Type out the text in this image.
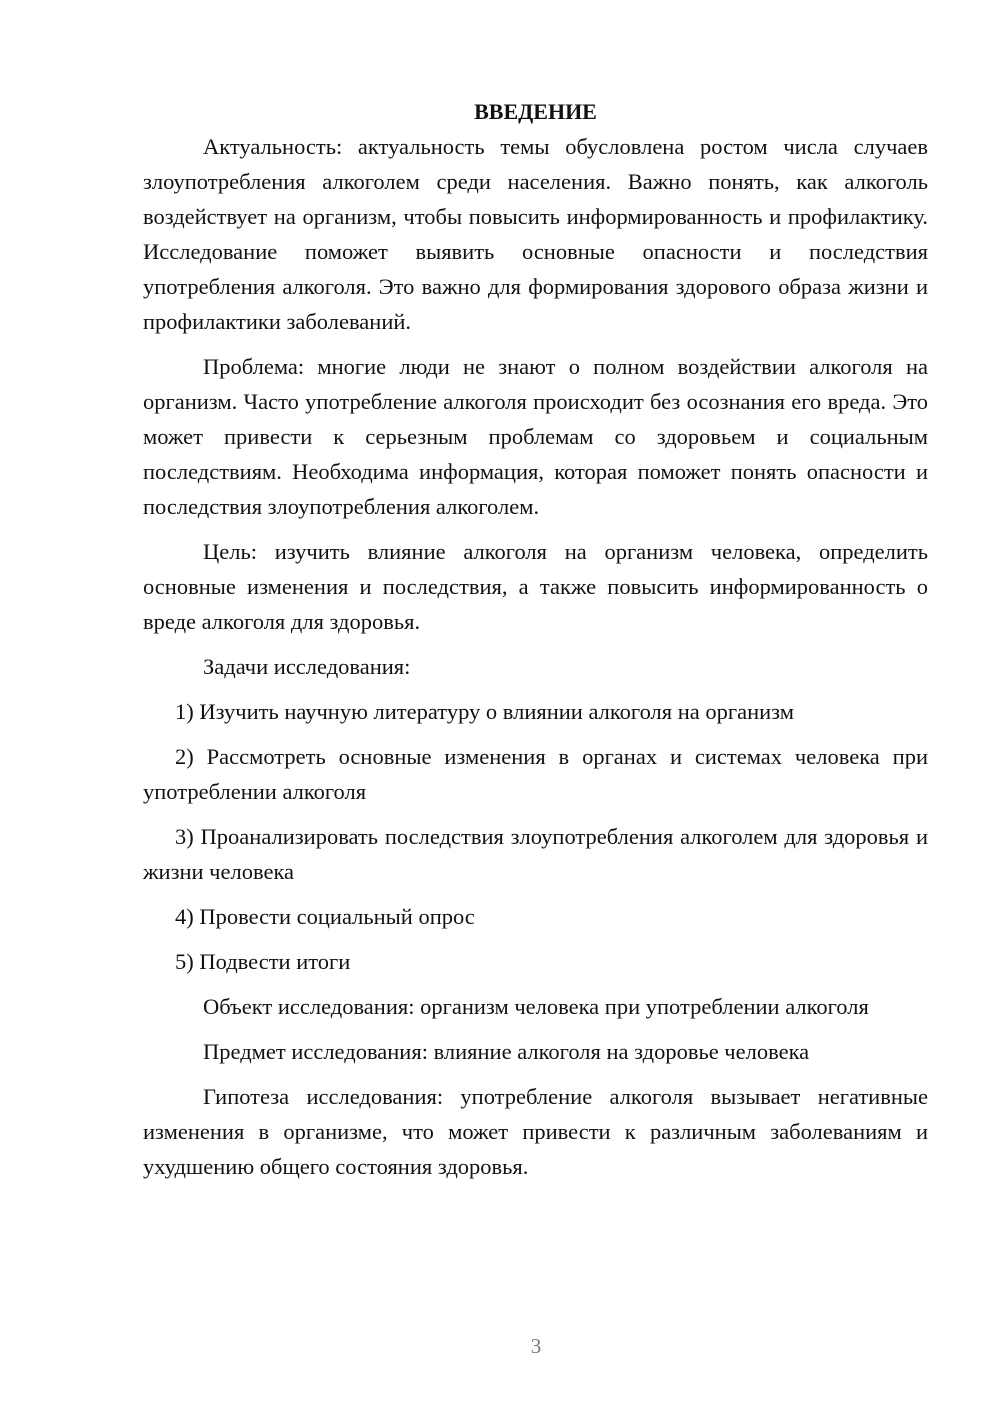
ВВЕДЕНИЕ

Актуальность: актуальность темы обусловлена ростом числа случаев злоупотребления алкоголем среди населения. Важно понять, как алкоголь воздействует на организм, чтобы повысить информированность и профилактику. Исследование поможет выявить основные опасности и последствия употребления алкоголя. Это важно для формирования здорового образа жизни и профилактики заболеваний.

Проблема: многие люди не знают о полном воздействии алкоголя на организм. Часто употребление алкоголя происходит без осознания его вреда. Это может привести к серьезным проблемам со здоровьем и социальным последствиям. Необходима информация, которая поможет понять опасности и последствия злоупотребления алкоголем.

Цель: изучить влияние алкоголя на организм человека, определить основные изменения и последствия, а также повысить информированность о вреде алкоголя для здоровья.

Задачи исследования:

1) Изучить научную литературу о влиянии алкоголя на организм

2) Рассмотреть основные изменения в органах и системах человека при употреблении алкоголя

3) Проанализировать последствия злоупотребления алкоголем для здоровья и жизни человека

4) Провести социальный опрос

5) Подвести итоги

Объект исследования: организм человека при употреблении алкоголя

Предмет исследования: влияние алкоголя на здоровье человека

Гипотеза исследования: употребление алкоголя вызывает негативные изменения в организме, что может привести к различным заболеваниям и ухудшению общего состояния здоровья.

3
